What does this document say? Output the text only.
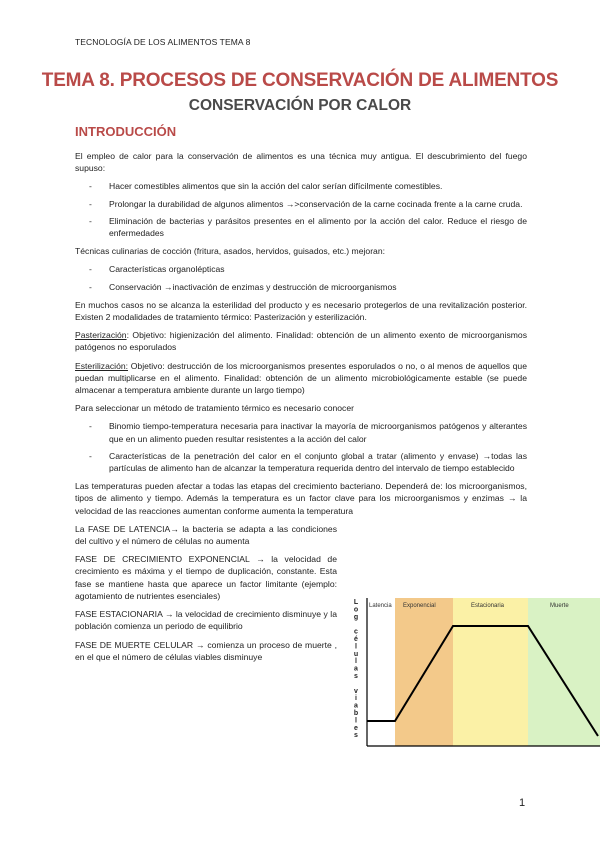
TECNOLOGÍA DE LOS ALIMENTOS TEMA 8
TEMA 8. PROCESOS DE CONSERVACIÓN DE ALIMENTOS
CONSERVACIÓN POR CALOR
INTRODUCCIÓN

El empleo de calor para la conservación de alimentos es una técnica muy antigua. El descubrimiento del fuego supuso:

- Hacer comestibles alimentos que sin la acción del calor serían difícilmente comestibles.
- Prolongar la durabilidad de algunos alimentos →>conservación de la carne cocinada frente a la carne cruda.
- Eliminación de bacterias y parásitos presentes en el alimento por la acción del calor. Reduce el riesgo de enfermedades

Técnicas culinarias de cocción (fritura, asados, hervidos, guisados, etc.) mejoran:

- Características organolépticas
- Conservación →inactivación de enzimas y destrucción de microorganismos

En muchos casos no se alcanza la esterilidad del producto y es necesario protegerlos de una revitalización posterior. Existen 2 modalidades de tratamiento térmico: Pasterización y esterilización.

Pasterización: Objetivo: higienización del alimento. Finalidad: obtención de un alimento exento de microorganismos patógenos no esporulados

Esterilización: Objetivo: destrucción de los microorganismos presentes esporulados o no, o al menos de aquellos que puedan multiplicarse en el alimento. Finalidad: obtención de un alimento microbiológicamente estable (se puede almacenar a temperatura ambiente durante un largo tiempo)

Para seleccionar un método de tratamiento térmico es necesario conocer

- Binomio tiempo-temperatura necesaria para inactivar la mayoría de microorganismos patógenos y alterantes que en un alimento pueden resultar resistentes a la acción del calor
- Características de la penetración del calor en el conjunto global a tratar (alimento y envase) →todas las partículas de alimento han de alcanzar la temperatura requerida dentro del intervalo de tiempo establecido

Las temperaturas pueden afectar a todas las etapas del crecimiento bacteriano. Dependerá de: los microorganismos, tipos de alimento y tiempo. Además la temperatura es un factor clave para los microorganismos y enzimas → la velocidad de las reacciones aumentan conforme aumenta la temperatura

La FASE DE LATENCIA→ la bacteria se adapta a las condiciones del cultivo y el número de células no aumenta

FASE DE CRECIMIENTO EXPONENCIAL → la velocidad de crecimiento es máxima y el tiempo de duplicación, constante. Esta fase se mantiene hasta que aparece un factor limitante (ejemplo: agotamiento de nutrientes esenciales)

FASE ESTACIONARIA → la velocidad de crecimiento disminuye y la población comienza un periodo de equilibrio

FASE DE MUERTE CELULAR → comienza un proceso de muerte , en el que el número de células viables disminuye

Latencia Exponencial	Estacionaria	Muerte
L
o
g
c
é
l
u
l
a
s
v
i
a
b
l
e
s
1
